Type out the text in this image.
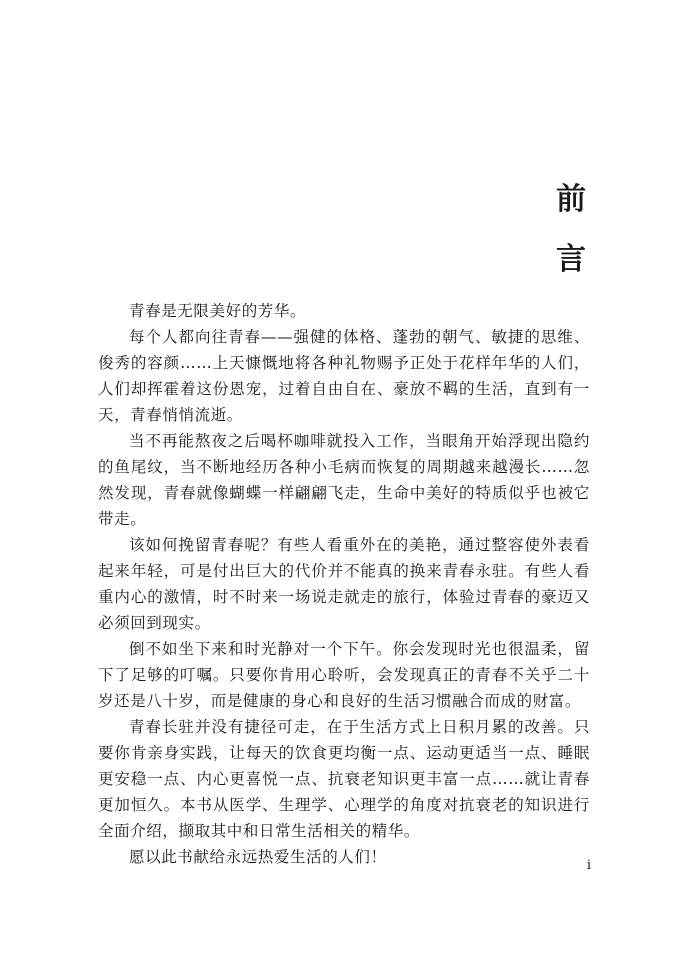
前
言

青春是无限美好的芳华。

每个人都向往青春——强健的体格、蓬勃的朝气、敏捷的思维、俊秀的容颜……上天慷慨地将各种礼物赐予正处于花样年华的人们，人们却挥霍着这份恩宠，过着自由自在、豪放不羁的生活，直到有一天，青春悄悄流逝。

当不再能熬夜之后喝杯咖啡就投入工作，当眼角开始浮现出隐约的鱼尾纹，当不断地经历各种小毛病而恢复的周期越来越漫长……忽然发现，青春就像蝴蝶一样翩翩飞走，生命中美好的特质似乎也被它带走。

该如何挽留青春呢？有些人看重外在的美艳，通过整容使外表看起来年轻，可是付出巨大的代价并不能真的换来青春永驻。有些人看重内心的激情，时不时来一场说走就走的旅行，体验过青春的豪迈又必须回到现实。

倒不如坐下来和时光静对一个下午。你会发现时光也很温柔，留下了足够的叮嘱。只要你肯用心聆听，会发现真正的青春不关乎二十岁还是八十岁，而是健康的身心和良好的生活习惯融合而成的财富。

青春长驻并没有捷径可走，在于生活方式上日积月累的改善。只要你肯亲身实践，让每天的饮食更均衡一点、运动更适当一点、睡眠更安稳一点、内心更喜悦一点、抗衰老知识更丰富一点……就让青春更加恒久。本书从医学、生理学、心理学的角度对抗衰老的知识进行全面介绍，撷取其中和日常生活相关的精华。

愿以此书献给永远热爱生活的人们！	i
